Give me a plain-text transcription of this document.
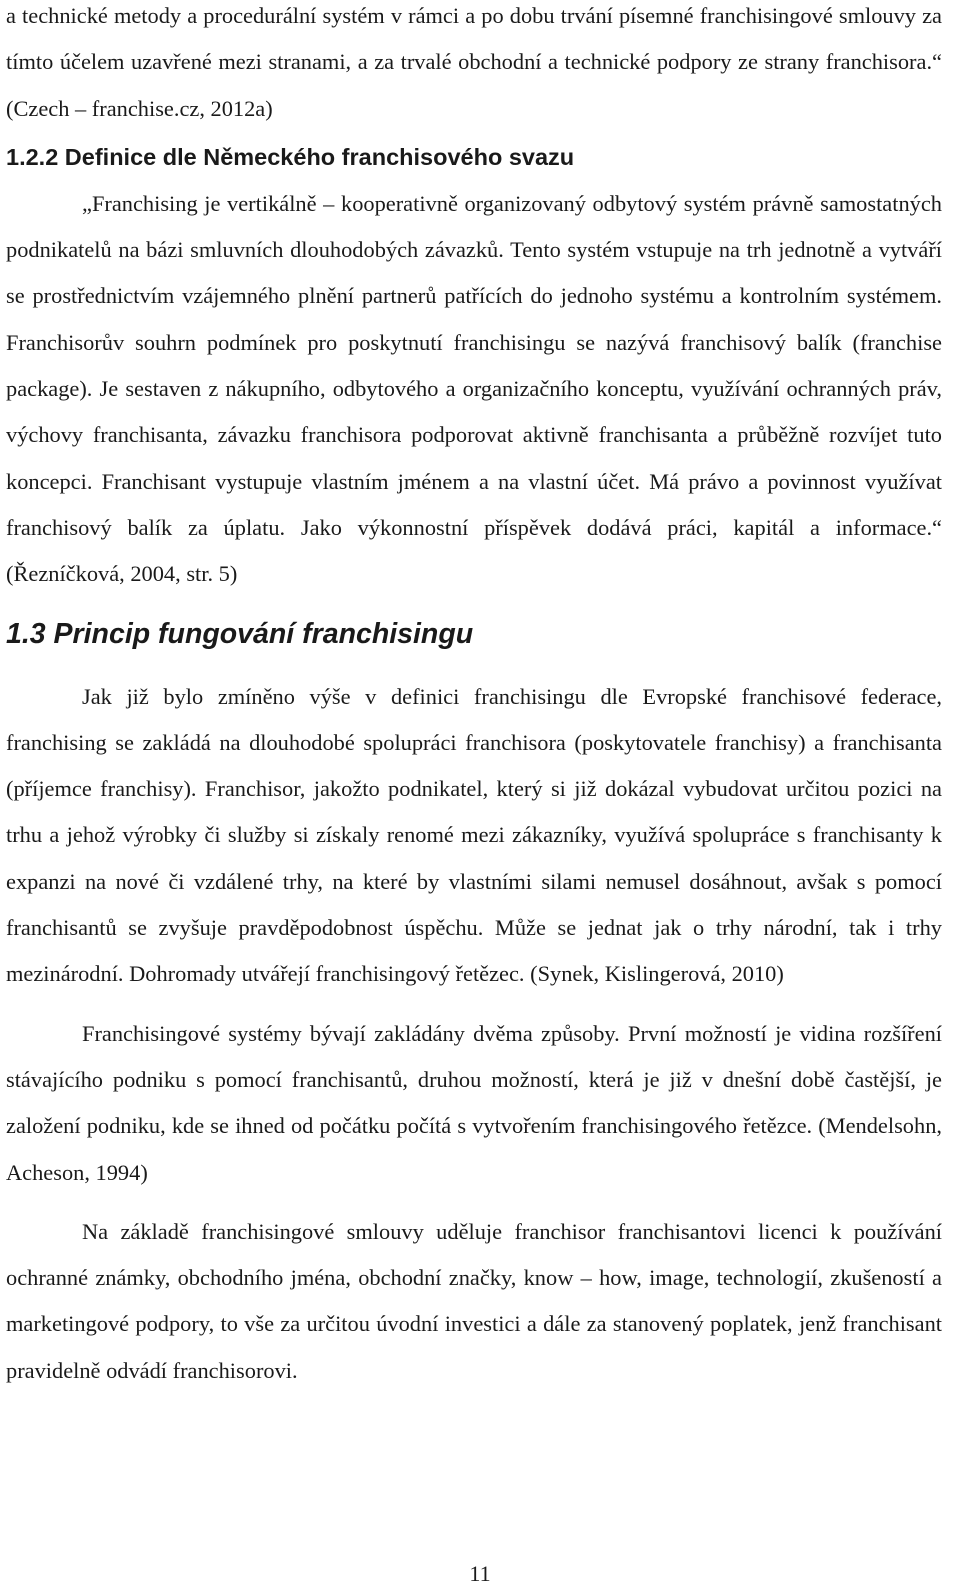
a technické metody a procedurální systém v rámci a po dobu trvání písemné franchisingové smlouvy za tímto účelem uzavřené mezi stranami, a za trvalé obchodní a technické podpory ze strany franchisora.“ (Czech – franchise.cz, 2012a)

1.2.2 Definice dle Německého franchisového svazu

„Franchising je vertikálně – kooperativně organizovaný odbytový systém právně samostatných podnikatelů na bázi smluvních dlouhodobých závazků. Tento systém vstupuje na trh jednotně a vytváří se prostřednictvím vzájemného plnění partnerů patřících do jednoho systému a kontrolním systémem. Franchisorův souhrn podmínek pro poskytnutí franchisingu se nazývá franchisový balík (franchise package). Je sestaven z nákupního, odbytového a organizačního konceptu, využívání ochranných práv, výchovy franchisanta, závazku franchisora podporovat aktivně franchisanta a průběžně rozvíjet tuto koncepci. Franchisant vystupuje vlastním jménem a na vlastní účet. Má právo a povinnost využívat franchisový balík za úplatu. Jako výkonnostní příspěvek dodává práci, kapitál a informace.“ (Řezníčková, 2004, str. 5)

1.3 Princip fungování franchisingu

Jak již bylo zmíněno výše v definici franchisingu dle Evropské franchisové federace, franchising se zakládá na dlouhodobé spolupráci franchisora (poskytovatele franchisy) a franchisanta (příjemce franchisy). Franchisor, jakožto podnikatel, který si již dokázal vybudovat určitou pozici na trhu a jehož výrobky či služby si získaly renomé mezi zákazníky, využívá spolupráce s franchisanty k expanzi na nové či vzdálené trhy, na které by vlastními silami nemusel dosáhnout, avšak s pomocí franchisantů se zvyšuje pravděpodobnost úspěchu. Může se jednat jak o trhy národní, tak i trhy mezinárodní. Dohromady utvářejí franchisingový řetězec. (Synek, Kislingerová, 2010)

Franchisingové systémy bývají zakládány dvěma způsoby. První možností je vidina rozšíření stávajícího podniku s pomocí franchisantů, druhou možností, která je již v dnešní době častější, je založení podniku, kde se ihned od počátku počítá s vytvořením franchisingového řetězce. (Mendelsohn, Acheson, 1994)

Na základě franchisingové smlouvy uděluje franchisor franchisantovi licenci k používání ochranné známky, obchodního jména, obchodní značky, know – how, image, technologií, zkušeností a marketingové podpory, to vše za určitou úvodní investici a dále za stanovený poplatek, jenž franchisant pravidelně odvádí franchisorovi.

11
